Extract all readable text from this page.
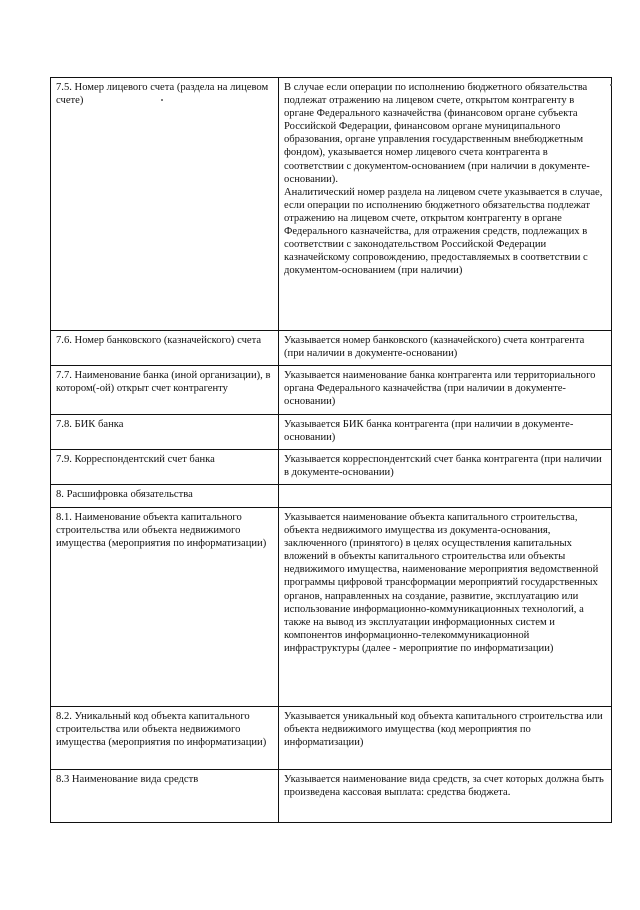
7.5. Номер лицевого счета (раздела на лицевом счете)	В случае если операции по исполнению бюджетного обязательства подлежат отражению на лицевом счете, открытом контрагенту в органе Федерального казначейства (финансовом органе субъекта Российской Федерации, финансовом органе муниципального образования, органе управления государственным внебюджетным фондом), указывается номер лицевого счета контрагента в соответствии с документом-основанием (при наличии в документе-основании).
Аналитический номер раздела на лицевом счете указывается в случае, если операции по исполнению бюджетного обязательства подлежат отражению на лицевом счете, открытом контрагенту в органе Федерального казначейства, для отражения средств, подлежащих в соответствии с законодательством Российской Федерации казначейскому сопровождению, предоставляемых в соответствии с документом-основанием (при наличии)

7.6. Номер банковского (казначейского) счета	Указывается номер банковского (казначейского) счета контрагента (при наличии в документе-основании)

7.7. Наименование банка (иной организации), в котором(-ой) открыт счет контрагенту	Указывается наименование банка контрагента или территориального органа Федерального казначейства (при наличии в документе-основании)

7.8. БИК банка	Указывается БИК банка контрагента (при наличии в документе-основании)

7.9. Корреспондентский счет банка	Указывается корреспондентский счет банка контрагента (при наличии в документе-основании)

8. Расшифровка обязательства	

8.1. Наименование объекта капитального строительства или объекта недвижимого имущества (мероприятия по информатизации)	Указывается наименование объекта капитального строительства, объекта недвижимого имущества из документа-основания, заключенного (принятого) в целях осуществления капитальных вложений в объекты капитального строительства или объекты недвижимого имущества, наименование мероприятия ведомственной программы цифровой трансформации мероприятий государственных органов, направленных на создание, развитие, эксплуатацию или использование информационно-коммуникационных технологий, а также на вывод из эксплуатации информационных систем и компонентов информационно-телекоммуникационной инфраструктуры (далее - мероприятие по информатизации)

8.2. Уникальный код объекта капитального строительства или объекта недвижимого имущества (мероприятия по информатизации)	Указывается уникальный код объекта капитального строительства или объекта недвижимого имущества (код мероприятия по информатизации)

8.3 Наименование вида средств	Указывается наименование вида средств, за счет которых должна быть произведена кассовая выплата: средства бюджета.
